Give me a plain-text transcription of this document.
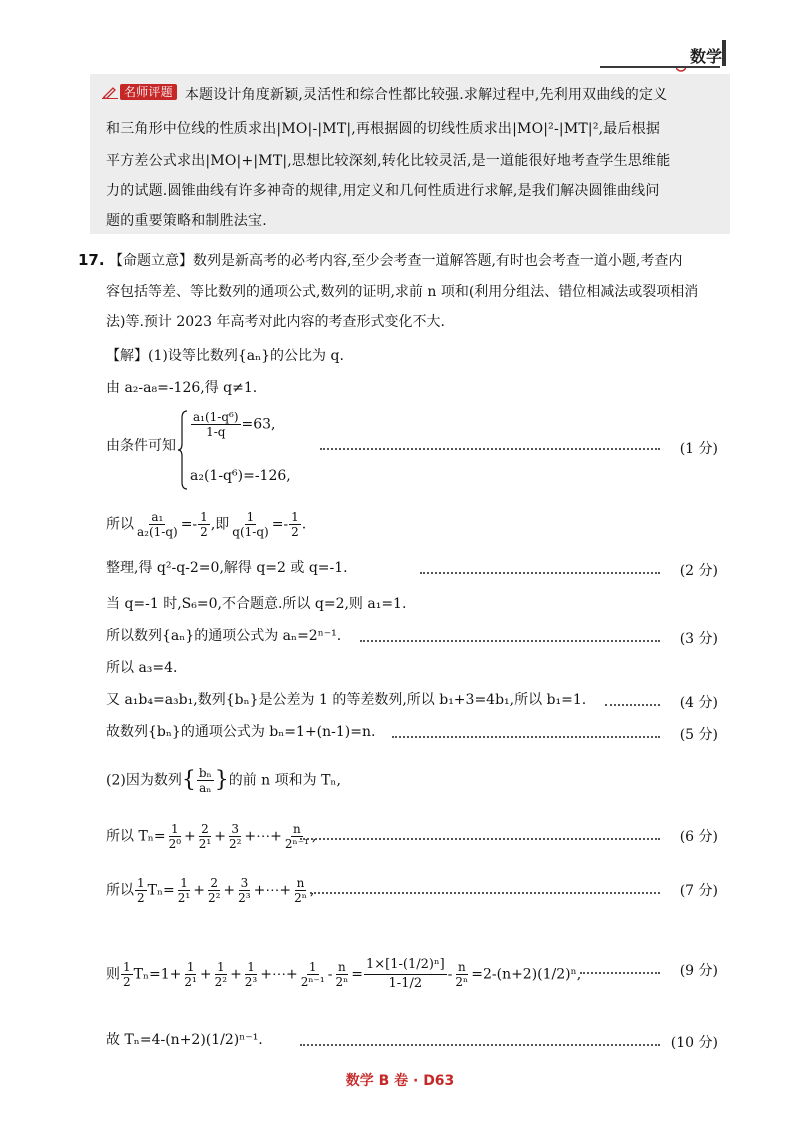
数学
名师评题 本题设计角度新颖,灵活性和综合性都比较强.求解过程中,先利用双曲线的定义
和三角形中位线的性质求出|MO|-|MT|,再根据圆的切线性质求出|MO|²-|MT|²,最后根据
平方差公式求出|MO|+|MT|,思想比较深刻,转化比较灵活,是一道能很好地考查学生思维能
力的试题.圆锥曲线有许多神奇的规律,用定义和几何性质进行求解,是我们解决圆锥曲线问
题的重要策略和制胜法宝.
17. 【命题立意】数列是新高考的必考内容,至少会考查一道解答题,有时也会考查一道小题,考查内
容包括等差、等比数列的通项公式,数列的证明,求前 n 项和(利用分组法、错位相减法或裂项相消
法)等.预计 2023 年高考对此内容的考查形式变化不大.
【解】(1)设等比数列{aₙ}的公比为 q.
由 a₂-a₈=-126,得 q≠1.
由条件可知
$\frac{\text{a₁(1-q⁶)}}{1-q} =63$,
a₂(1-q⁶)=-126,
(1 分)
所以 $\frac{\text{a₁}}{\text{a₂(1-q)}} =- \frac{1}{2}$ ,即 $\frac{1}{q(1-q)} =- \frac{1}{2}$ .
整理,得 q²-q-2=0,解得 q=2 或 q=-1.	(2 分)
当 q=-1 时,S₆=0,不合题意.所以 q=2,则 a₁=1.
所以数列{aₙ}的通项公式为 aₙ=2ⁿ⁻¹.	(3 分)
所以 a₃=4.
又 a₁b₄=a₃b₁,数列{bₙ}是公差为 1 的等差数列,所以 b₁+3=4b₁,所以 b₁=1.	(4 分)
故数列{bₙ}的通项公式为 bₙ=1+(n-1)=n.	(5 分)
(2)因为数列{ $\frac{\text{bₙ}}{\text{aₙ}}$ }的前 n 项和为 Tₙ,
所以 $T_n= \frac{1}{\text{2⁰}} + \frac{2}{\text{2¹}} + \frac{3}{\text{2²}}$ +⋯+ $\frac{n}{\text{2ⁿ⁻¹}}$ ,	(6 分)
所以 $\frac{1}{2} T_n= \frac{1}{\text{2¹}} + \frac{2}{\text{2²}} + \frac{3}{\text{2³}}$ +⋯+ $\frac{n}{\text{2ⁿ}}$ ,	(7 分)
则 $\frac{1}{2} T_n=1+ \frac{1}{\text{2¹}} + \frac{1}{\text{2²}} + \frac{1}{\text{2³}}$ +⋯+ $\frac{1}{\text{2ⁿ⁻¹}} - \frac{n}{\text{2ⁿ}} = \frac{\text{1×[1-(1/2)ⁿ]}}{1-1/2} - \frac{n}{\text{2ⁿ}} =2-(n+2)(1/2)^n$,	(9 分)
故 Tₙ=4-(n+2)(1/2)ⁿ⁻¹.	(10 分)
数学 B 卷 · D63
